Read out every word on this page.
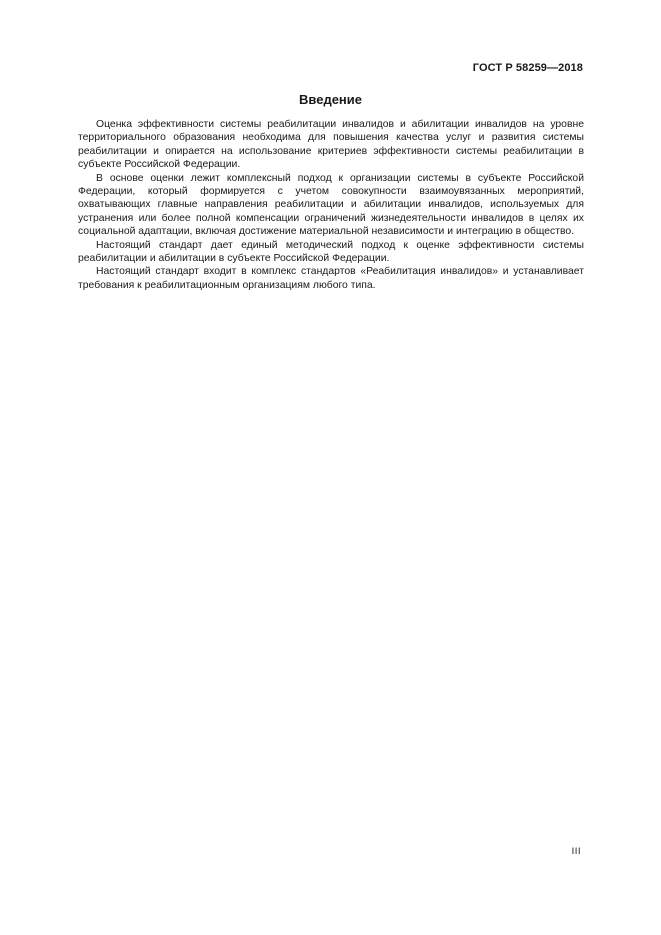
ГОСТ Р 58259—2018
Введение

Оценка эффективности системы реабилитации инвалидов и абилитации инвалидов на уровне территориального образования необходима для повышения качества услуг и развития системы реабилитации и опирается на использование критериев эффективности системы реабилитации в субъекте Российской Федерации.

В основе оценки лежит комплексный подход к организации системы в субъекте Российской Федерации, который формируется с учетом совокупности взаимоувязанных мероприятий, охватывающих главные направления реабилитации и абилитации инвалидов, используемых для устранения или более полной компенсации ограничений жизнедеятельности инвалидов в целях их социальной адаптации, включая достижение материальной независимости и интеграцию в общество.

Настоящий стандарт дает единый методический подход к оценке эффективности системы реабилитации и абилитации в субъекте Российской Федерации.

Настоящий стандарт входит в комплекс стандартов «Реабилитация инвалидов» и устанавливает требования к реабилитационным организациям любого типа.

III
